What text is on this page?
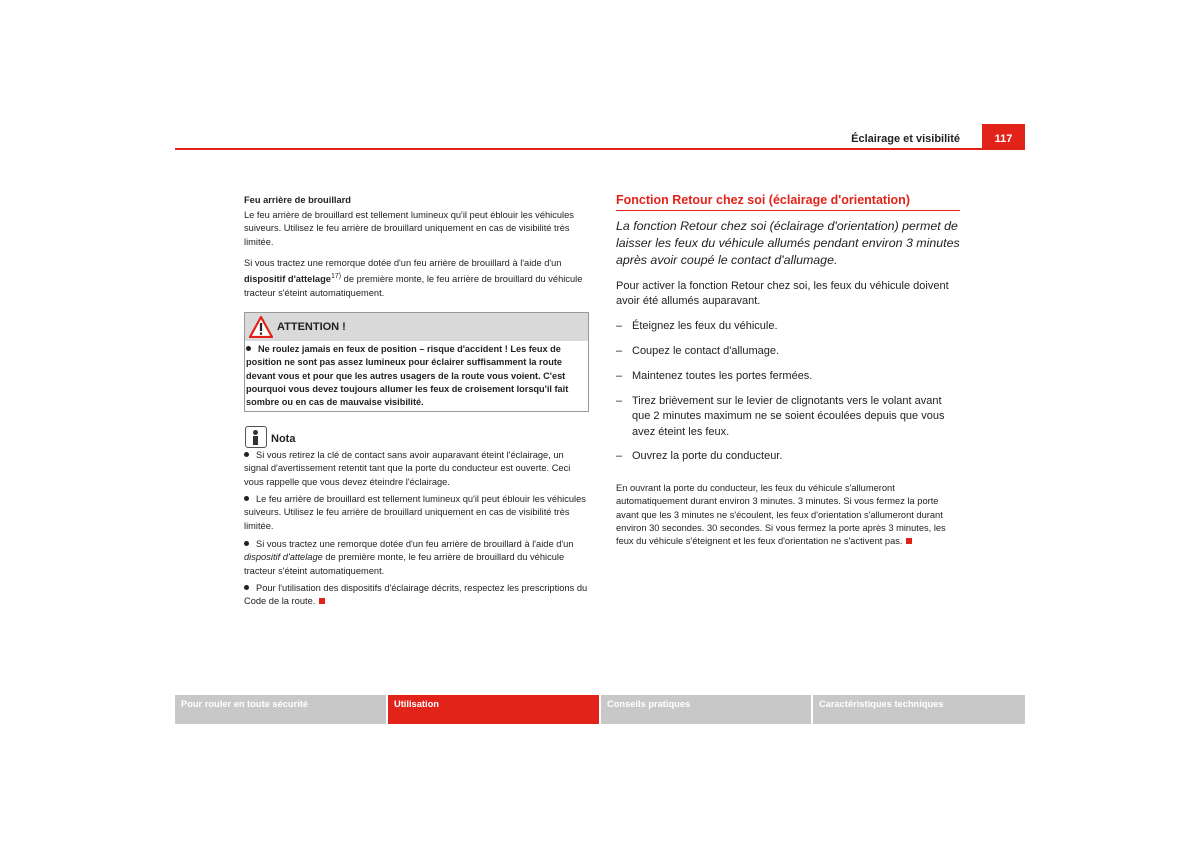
Éclairage et visibilité	117
Feu arrière de brouillard
Le feu arrière de brouillard est tellement lumineux qu'il peut éblouir les véhicules suiveurs. Utilisez le feu arrière de brouillard uniquement en cas de visibilité très limitée.
Si vous tractez une remorque dotée d'un feu arrière de brouillard à l'aide d'un dispositif d'attelage$^{17)}$ de première monte, le feu arrière de brouillard du véhicule tracteur s'éteint automatiquement.
ATTENTION !
Ne roulez jamais en feux de position – risque d'accident ! Les feux de position ne sont pas assez lumineux pour éclairer suffisamment la route devant vous et pour que les autres usagers de la route vous voient. C'est pourquoi vous devez toujours allumer les feux de croisement lorsqu'il fait sombre ou en cas de mauvaise visibilité.
Nota
Si vous retirez la clé de contact sans avoir auparavant éteint l'éclairage, un signal d'avertissement retentit tant que la porte du conducteur est ouverte. Ceci vous rappelle que vous devez éteindre l'éclairage.
Le feu arrière de brouillard est tellement lumineux qu'il peut éblouir les véhicules suiveurs. Utilisez le feu arrière de brouillard uniquement en cas de visibilité très limitée.
Si vous tractez une remorque dotée d'un feu arrière de brouillard à l'aide d'un dispositif d'attelage de première monte, le feu arrière de brouillard du véhicule tracteur s'éteint automatiquement.
Pour l'utilisation des dispositifs d'éclairage décrits, respectez les prescriptions du Code de la route.
Fonction Retour chez soi (éclairage d'orientation)
La fonction Retour chez soi (éclairage d'orientation) permet de laisser les feux du véhicule allumés pendant environ 3 minutes après avoir coupé le contact d'allumage.
Pour activer la fonction Retour chez soi, les feux du véhicule doivent avoir été allumés auparavant.
– Éteignez les feux du véhicule.
– Coupez le contact d'allumage.
– Maintenez toutes les portes fermées.
– Tirez brièvement sur le levier de clignotants vers le volant avant que 2 minutes maximum ne se soient écoulées depuis que vous avez éteint les feux.
– Ouvrez la porte du conducteur.
En ouvrant la porte du conducteur, les feux du véhicule s'allumeront automatiquement durant environ 3 minutes. 3 minutes. Si vous fermez la porte avant que les 3 minutes ne s'écoulent, les feux d'orientation s'allumeront durant environ 30 secondes. 30 secondes. Si vous fermez la porte après 3 minutes, les feux du véhicule s'éteignent et les feux d'orientation ne s'activent pas.
Pour rouler en toute sécurité	Utilisation	Conseils pratiques	Caractéristiques techniques
